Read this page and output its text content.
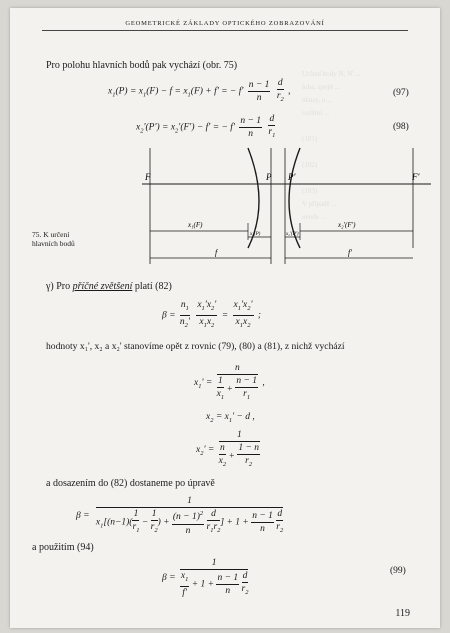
Určení body N, N' ...
loha, spojit ...
nkusy, u ...
rozlitní ...

(101)

(102)

(103)
V případě ...
uvede ...
GEOMETRICKÉ ZÁKLADY OPTICKÉHO ZOBRAZOVÁNÍ
Pro polohu hlavních bodů pak vychází (obr. 75)
$x_1(P) = x_1(F) - f = x_1(F) + f'$ = − $f' \frac{n - 1}{n}$
$\frac{d}{r_2}$ ,	(97)
$x_2'(P') = x_2'(F') - f'$ = − $f' \frac{n - 1}{n}$
$\frac{d}{r_1}$	(98)
F	P P'	F'
x₁(F)	x₂'(F')
x₁(P)	x₂'(P')
f	f'
75. K určení
hlavních bodů
γ) Pro příčné zvětšení platí (82)
$\beta = \frac{n_1}{n_2'}$
$\frac{x_1'x_2'}{x_1x_2} = \frac{x_1'x_2'}{x_1x_2}$ ;
hodnoty x₁', x₂ a x₂' stanovíme opět z rovnic (79), (80) a (81), z nichž vychází
$x_1' = \frac{n}{\frac{1}{x_1} + \frac{n - 1}{r_1}}$ ,
$x_2 = x_1' - d$ ,
$x_2' = \frac{1}{\frac{n}{x_2} + \frac{1 - n}{r_2}}$
a dosazením do (82) dostaneme po úpravě
β =
1
$x_1[(n-1)( \frac{1}{r_1} - \frac{1}{r_2}$ ) + $\frac{(n - 1)^2}{n}$
$\frac{d}{r_1r_2}$ ] + $1 + \frac{n - 1}{n}$
$\frac{d}{r_2}$
a použitím (94)
β = 1
$\frac{x_1}{f'} + 1 + \frac{n - 1}{n}$
$\frac{d}{r_2}$	(99)
119
